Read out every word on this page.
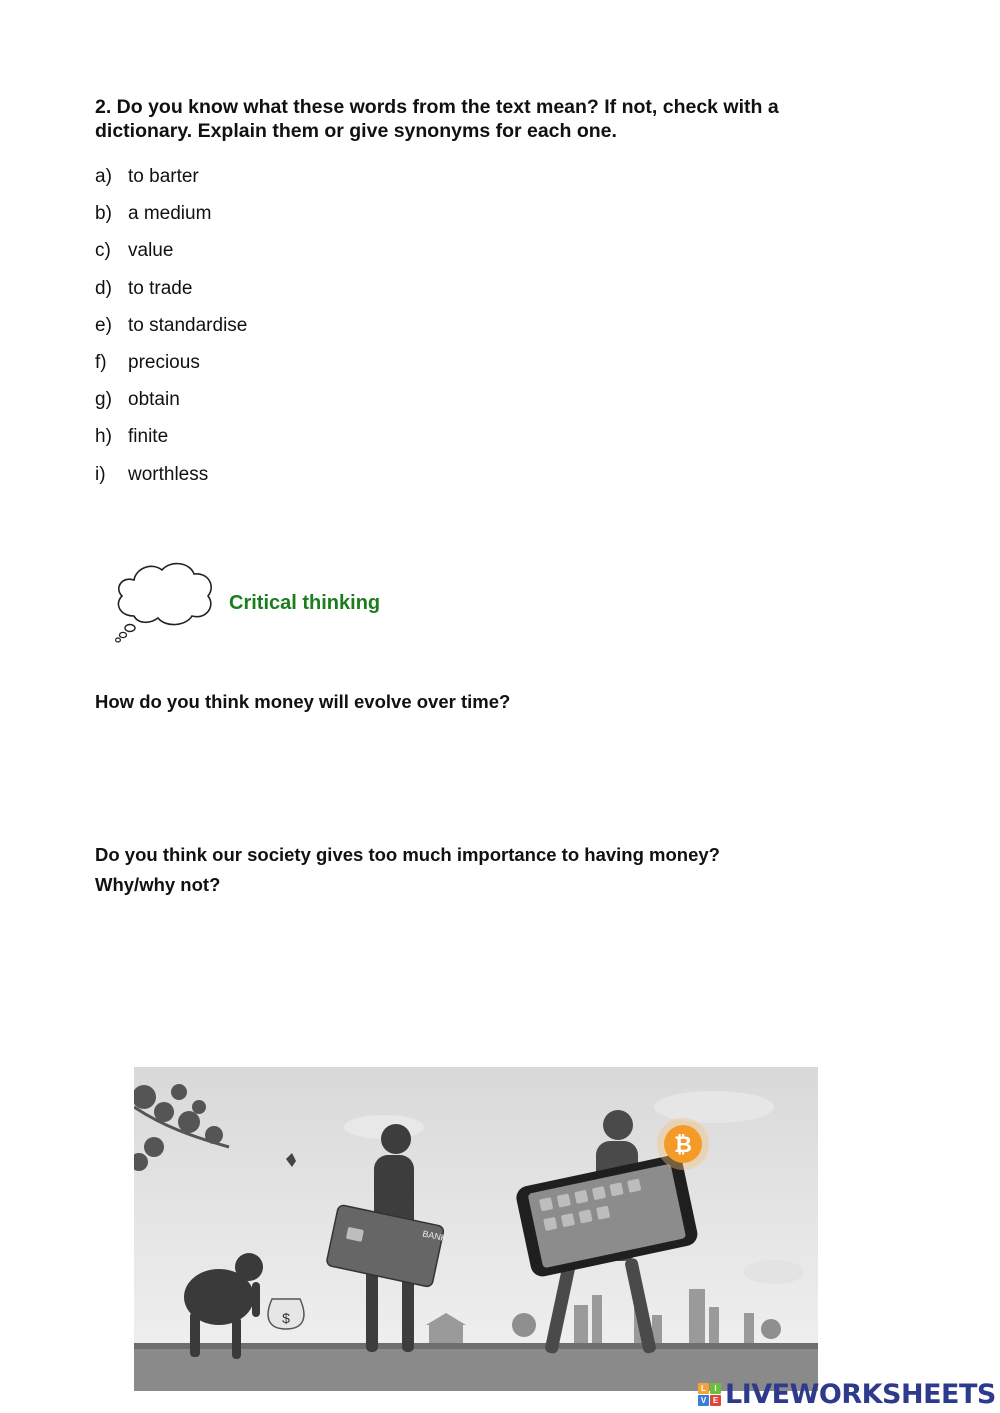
2. Do you know what these words from the text mean? If not, check with a dictionary. Explain them or give synonyms for each one.
a) to barter
b) a medium
c) value
d) to trade
e) to standardise
f)	precious
g) obtain
h) finite
i)	worthless
Critical thinking

How do you think money will evolve over time?

Do you think our society gives too much importance to having money?
Why/why not?
$
BANK
₿
L	I
V E LIVEWORKSHEETS
